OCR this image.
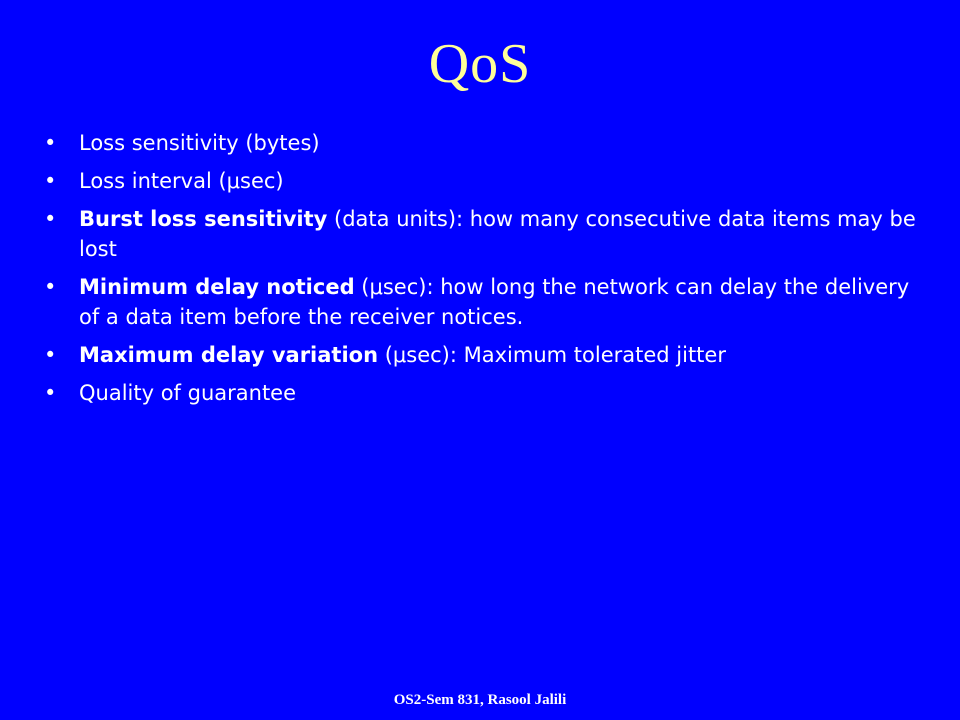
QoS
• Loss sensitivity (bytes)
• Loss interval (μsec)
• Burst loss sensitivity (data units): how many consecutive data items may be lost
• Minimum delay noticed (μsec): how long the network can delay the delivery of a data item before the receiver notices.
• Maximum delay variation (μsec): Maximum tolerated jitter
• Quality of guarantee
OS2-Sem 831, Rasool Jalili
